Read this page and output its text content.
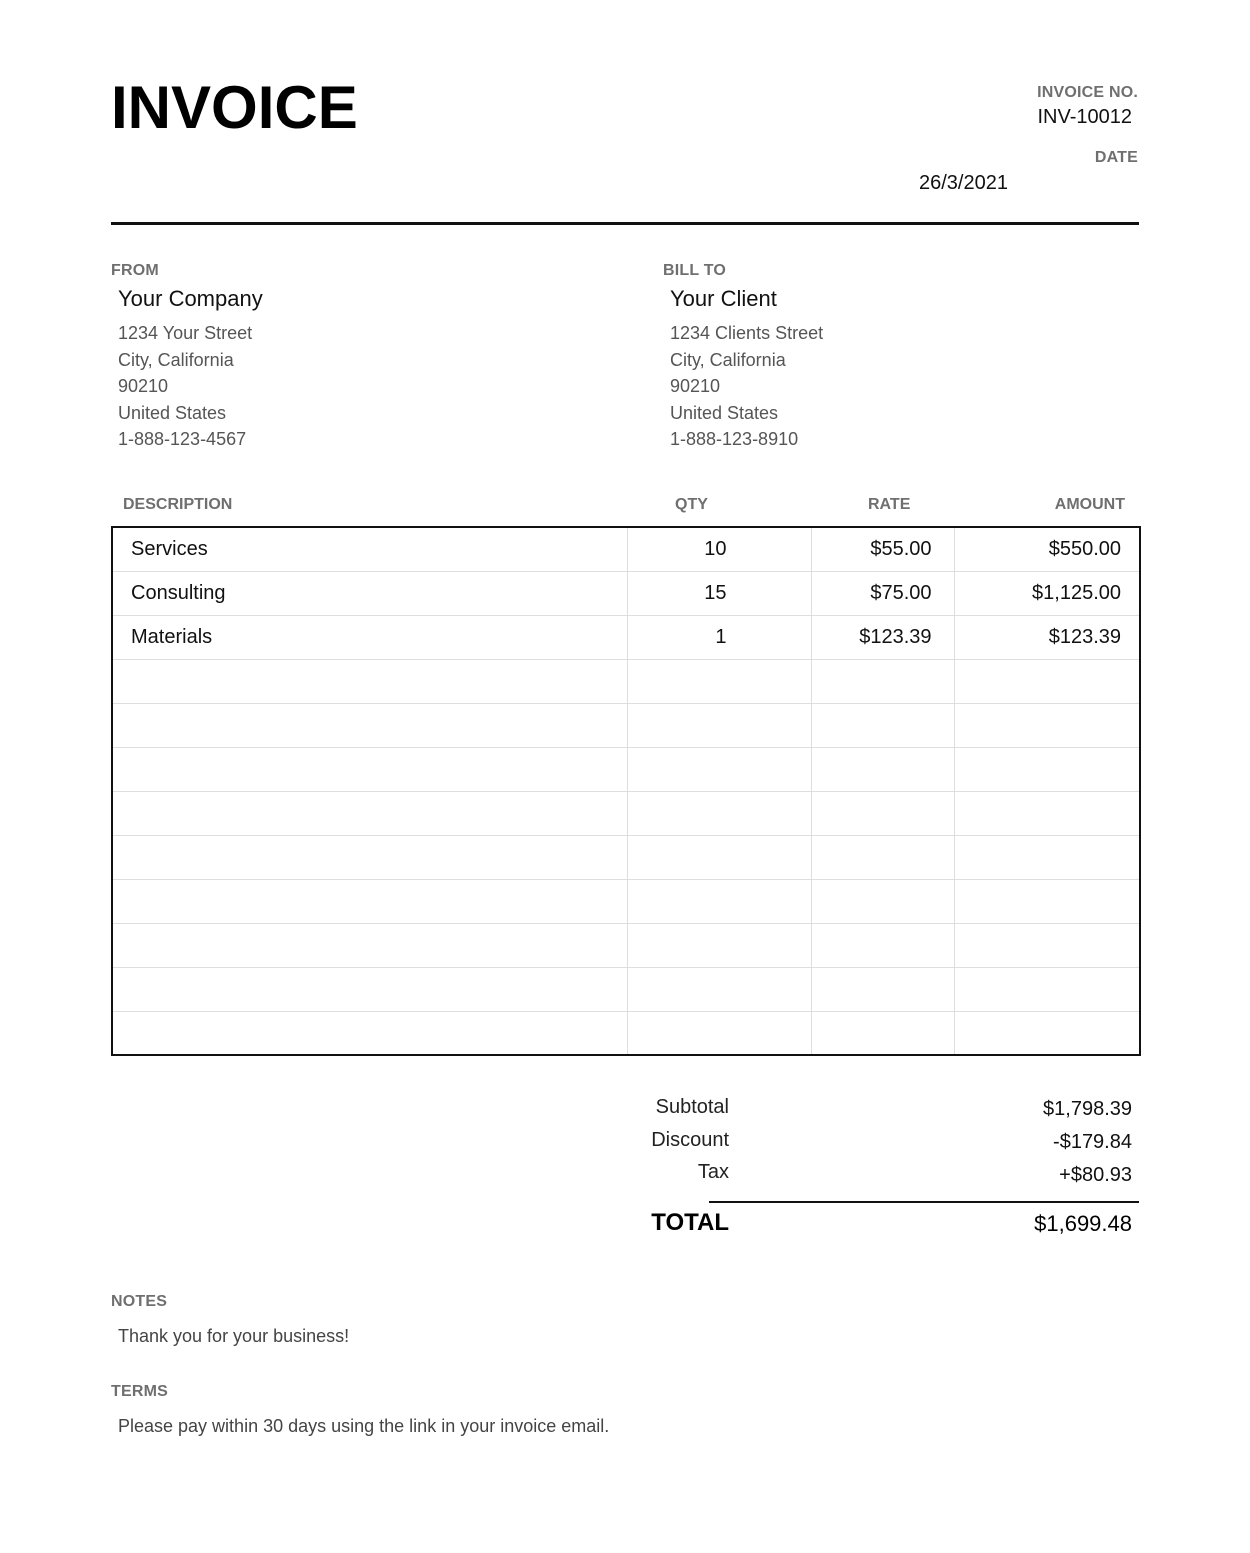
INVOICE	INVOICE NO.
INV-10012
DATE
26/3/2021
FROM
Your Company
1234 Your Street
City, California
90210
United States
1-888-123-4567
BILL TO
Your Client
1234 Clients Street
City, California
90210
United States
1-888-123-8910
DESCRIPTION	QTY	RATE	AMOUNT
Services	10	$55.00	$550.00
Consulting	15	$75.00	$1,125.00
Materials	1	$123.39	$123.39

Subtotal	$1,798.39
Discount	-$179.84
Tax	+$80.93
TOTAL	$1,699.48
NOTES
Thank you for your business!
TERMS
Please pay within 30 days using the link in your invoice email.
